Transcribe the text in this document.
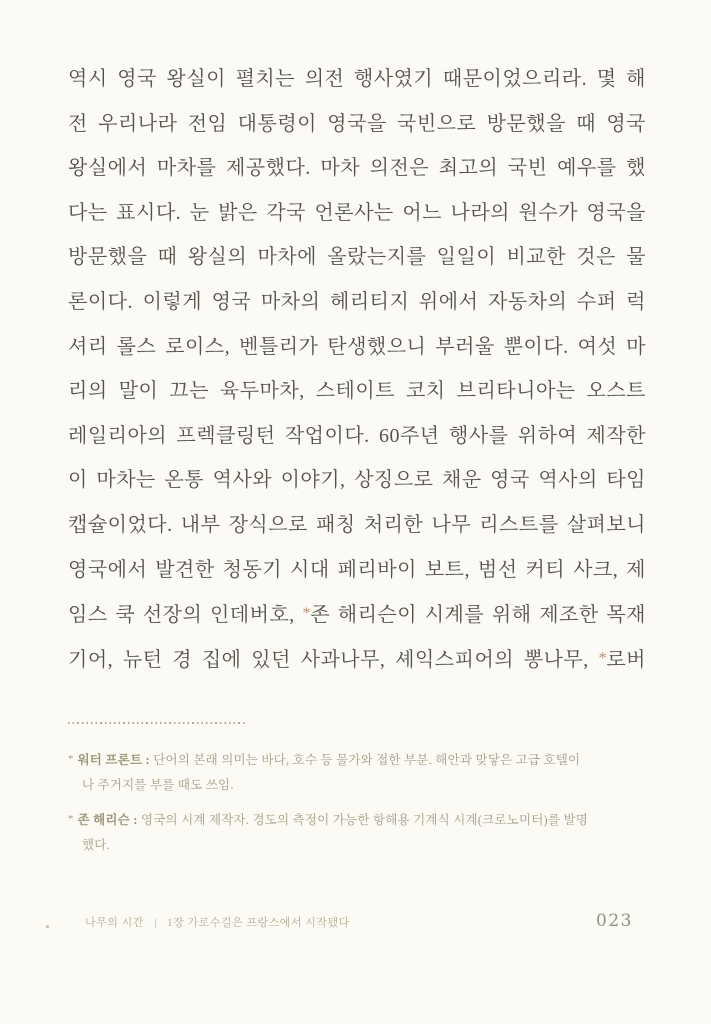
역시 영국 왕실이 펼치는 의전 행사였기 때문이었으리라. 몇 해
전 우리나라 전임 대통령이 영국을 국빈으로 방문했을 때 영국
왕실에서 마차를 제공했다. 마차 의전은 최고의 국빈 예우를 했
다는 표시다. 눈 밝은 각국 언론사는 어느 나라의 원수가 영국을
방문했을 때 왕실의 마차에 올랐는지를 일일이 비교한 것은 물
론이다. 이렇게 영국 마차의 헤리티지 위에서 자동차의 수퍼 럭
셔리 롤스 로이스, 벤틀리가 탄생했으니 부러울 뿐이다. 여섯 마
리의 말이 끄는 육두마차, 스테이트 코치 브리타니아는 오스트
레일리아의 프렉클링턴 작업이다. 60주년 행사를 위하여 제작한
이 마차는 온통 역사와 이야기, 상징으로 채운 영국 역사의 타임
캡슐이었다. 내부 장식으로 패칭 처리한 나무 리스트를 살펴보니
영국에서 발견한 청동기 시대 페리바이 보트, 범선 커티 사크, 제
임스 쿡 선장의 인데버호, *존 해리슨이 시계를 위해 제조한 목재
기어, 뉴턴 경 집에 있던 사과나무, 셰익스피어의 뽕나무, *로버
* 워터 프론트 : 단어의 본래 의미는 바다, 호수 등 물가와 접한 부분. 해안과 맞닿은 고급 호텔이
나 주거지를 부를 때도 쓰임.
* 존 해리슨 : 영국의 시계 제작자. 경도의 측정이 가능한 항해용 기계식 시계(크로노미터)를 발명
했다.
나무의 시간 | 1장 가로수길은 프랑스에서 시작됐다	023
